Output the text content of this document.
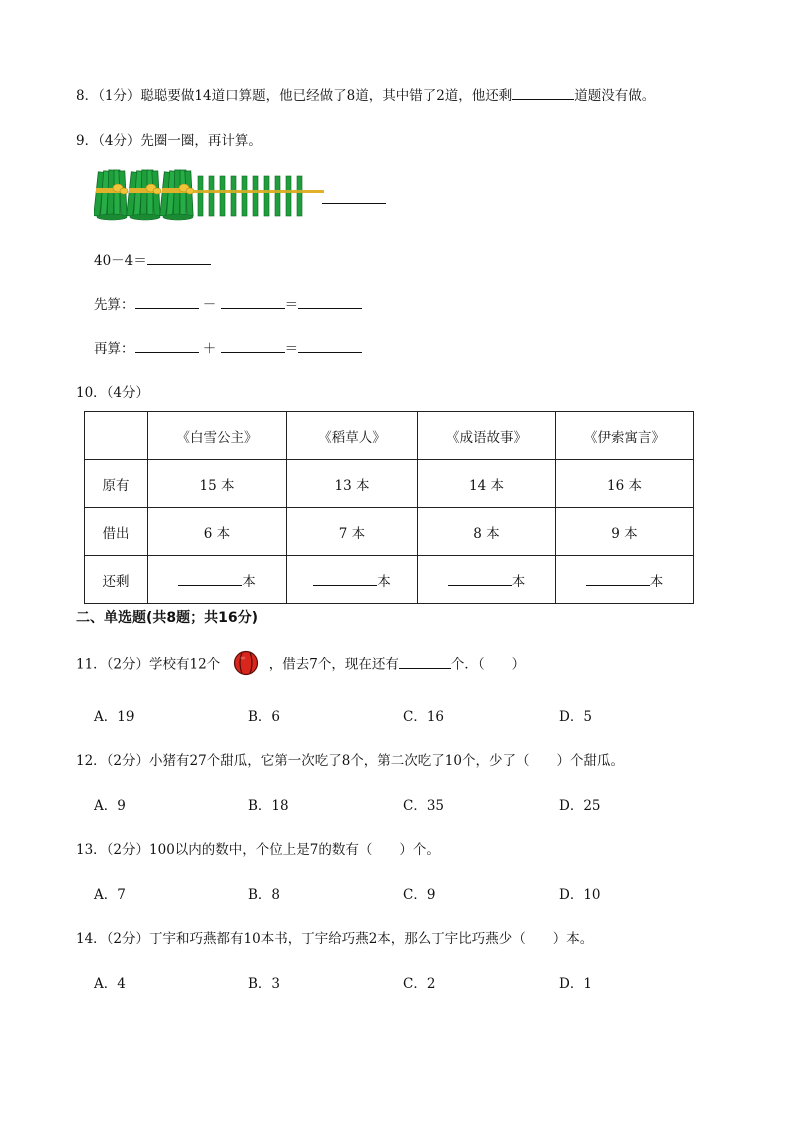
8．（1分）聪聪要做14道口算题，他已经做了8道，其中错了2道，他还剩	道题没有做。
9．（4分）先圈一圈，再计算。
40－4＝
先算：	－	＝
再算：	＋	＝
10．（4分）
	《白雪公主》	《稻草人》	《成语故事》	《伊索寓言》
原有	15 本	13 本	14 本	16 本
借出	6 本	7 本	8 本	9 本
还剩	本	本	本	本
二、单选题(共8题；共16分)
11．（2分）学校有12个	，借去7个，现在还有	个．（　　）
A．19	B．6	C．16	D．5
12．（2分）小猪有27个甜瓜，它第一次吃了8个，第二次吃了10个，少了（　　）个甜瓜。
A．9	B．18	C．35	D．25
13．（2分）100以内的数中，个位上是7的数有（　　）个。
A．7	B．8	C．9	D．10
14．（2分）丁宇和巧燕都有10本书，丁宇给巧燕2本，那么丁宇比巧燕少（　　）本。
A．4	B．3	C．2	D．1
